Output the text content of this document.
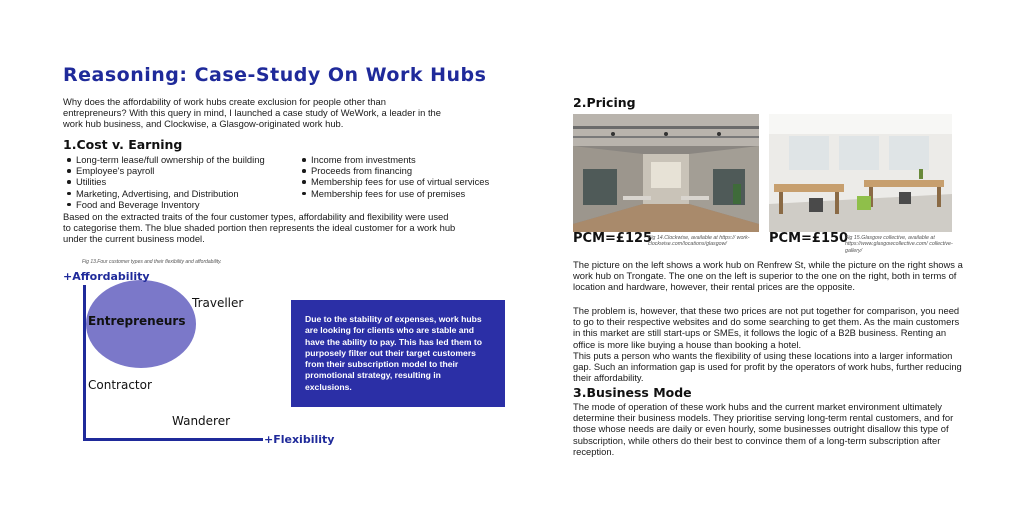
Reasoning: Case-Study On Work Hubs

Why does the affordability of work hubs create exclusion for people other than entrepreneurs? With this query in mind, I launched a case study of WeWork, a leader in the work hub business, and Clockwise, a Glasgow-originated work hub.

1.Cost v. Earning
Long-term lease/full ownership of the building
Employee's payroll
Utilities
Marketing, Advertising, and Distribution
Food and Beverage Inventory
Income from investments
Proceeds from financing
Membership fees for use of virtual services
Membership fees for use of premises

Based on the extracted traits of the four customer types, affordability and flexibility were used to categorise them. The blue shaded portion then represents the ideal customer for a work hub under the current business model.

Fig 13.Four customer types and their flexibility and affordability.
+Affordability
+Flexibility
Entrepreneurs
Traveller
Contractor
Wanderer
Due to the stability of expenses, work hubs are looking for clients who are stable and have the ability to pay. This has led them to purposely filter out their target customers from their subscription model to their promotional strategy, resulting in exclusions.
2.Pricing
PCM=£125
Fig 14.Clockwise, available at https:// work-clockwise.com/locations/glasgow/	PCM=£150
Fig 15.Glasgow collective, available at https://www.glasgowcollective.com/ collective-gallery/

The picture on the left shows a work hub on Renfrew St, while the picture on the right shows a work hub on Trongate. The one on the left is superior to the one on the right, both in terms of location and hardware, however, their rental prices are the opposite.

The problem is, however, that these two prices are not put together for comparison, you need to go to their respective websites and do some searching to get them. As the main customers in this market are still start-ups or SMEs, it follows the logic of a B2B business. Renting an office is more like buying a house than booking a hotel.

This puts a person who wants the flexibility of using these locations into a larger information gap. Such an information gap is used for profit by the operators of work hubs, further reducing their affordability.

3.Business Mode

The mode of operation of these work hubs and the current market environment ultimately determine their business models. They prioritise serving long-term rental customers, and for those whose needs are daily or even hourly, some businesses outright disallow this type of subscription, while others do their best to convince them of a long-term subscription after reception.
